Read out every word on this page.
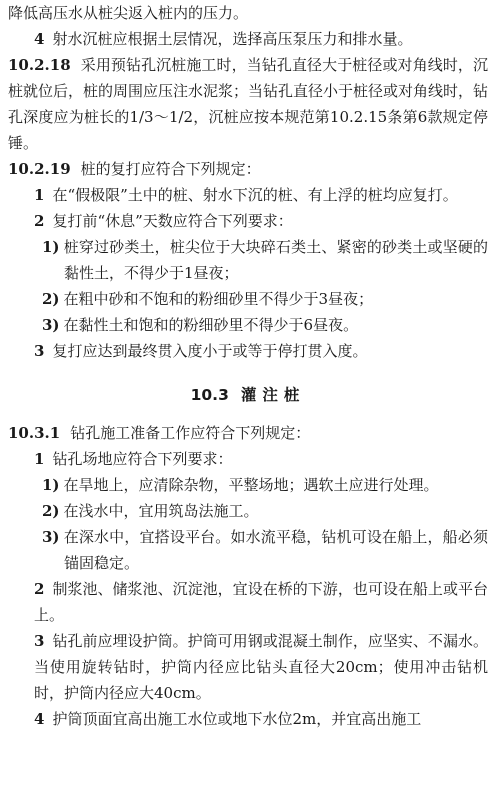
降低高压水从桩尖返入桩内的压力。

4 射水沉桩应根据土层情况，选择高压泵压力和排水量。

10.2.18 采用预钻孔沉桩施工时，当钻孔直径大于桩径或对角线时，沉桩就位后，桩的周围应压注水泥浆；当钻孔直径小于桩径或对角线时，钻孔深度应为桩长的1/3～1/2，沉桩应按本规范第10.2.15条第6款规定停锤。

10.2.19 桩的复打应符合下列规定：

1 在“假极限”土中的桩、射水下沉的桩、有上浮的桩均应复打。

2 复打前“休息”天数应符合下列要求：

1) 桩穿过砂类土，桩尖位于大块碎石类土、紧密的砂类土或坚硬的黏性土，不得少于1昼夜；

2) 在粗中砂和不饱和的粉细砂里不得少于3昼夜；

3) 在黏性土和饱和的粉细砂里不得少于6昼夜。

3 复打应达到最终贯入度小于或等于停打贯入度。

10.3 灌注桩

10.3.1 钻孔施工准备工作应符合下列规定：

1 钻孔场地应符合下列要求：

1) 在旱地上，应清除杂物，平整场地；遇软土应进行处理。

2) 在浅水中，宜用筑岛法施工。

3) 在深水中，宜搭设平台。如水流平稳，钻机可设在船上，船必须锚固稳定。

2 制浆池、储浆池、沉淀池，宜设在桥的下游，也可设在船上或平台上。

3 钻孔前应埋设护筒。护筒可用钢或混凝土制作，应坚实、不漏水。当使用旋转钻时，护筒内径应比钻头直径大20cm；使用冲击钻机时，护筒内径应大40cm。

4 护筒顶面宜高出施工水位或地下水位2m，并宜高出施工
